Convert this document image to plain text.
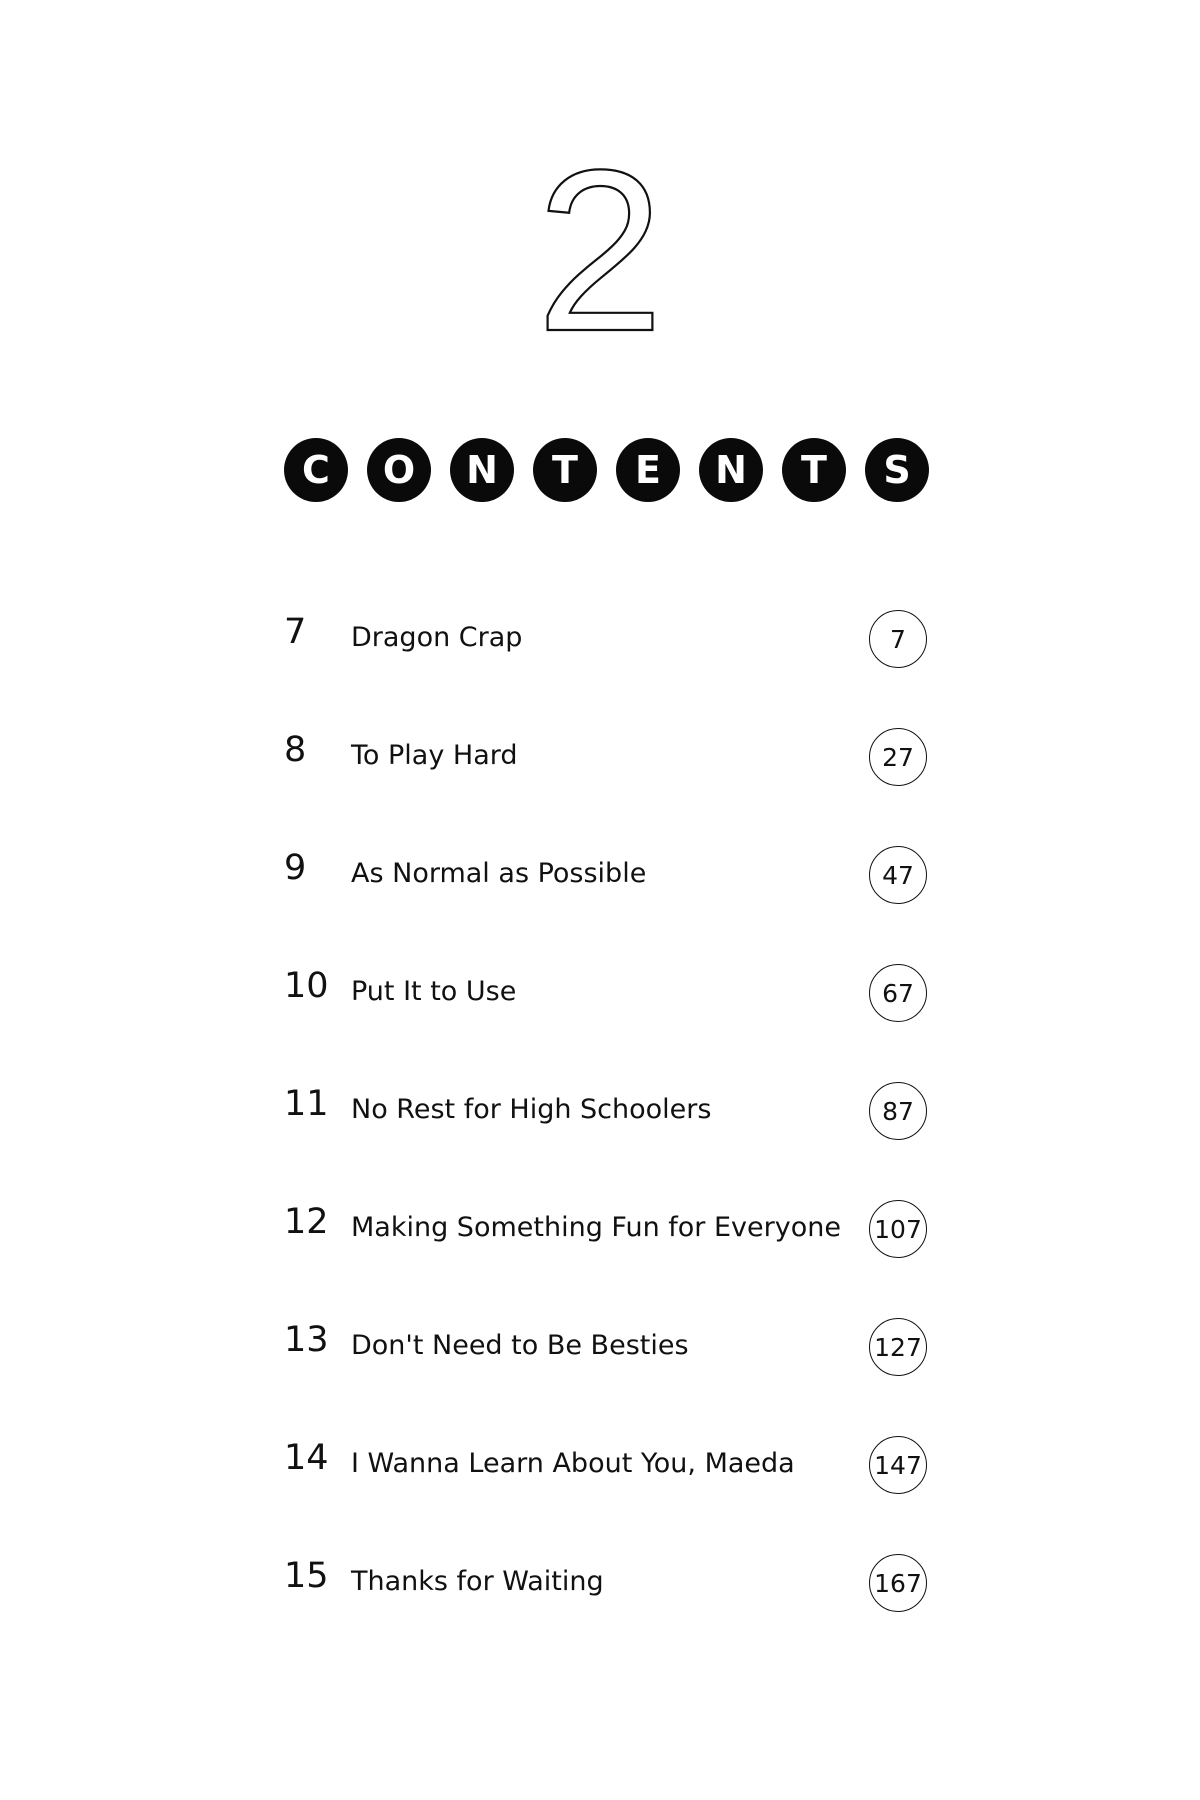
2
C	O	N	T	E	N	T	S
7 Dragon Crap	7
8 To Play Hard	27
9 As Normal as Possible	47
10 Put It to Use	67
11 No Rest for High Schoolers	87
12 Making Something Fun for Everyone 107
13 Don't Need to Be Besties	127
14 I Wanna Learn About You, Maeda	147
15 Thanks for Waiting	167
